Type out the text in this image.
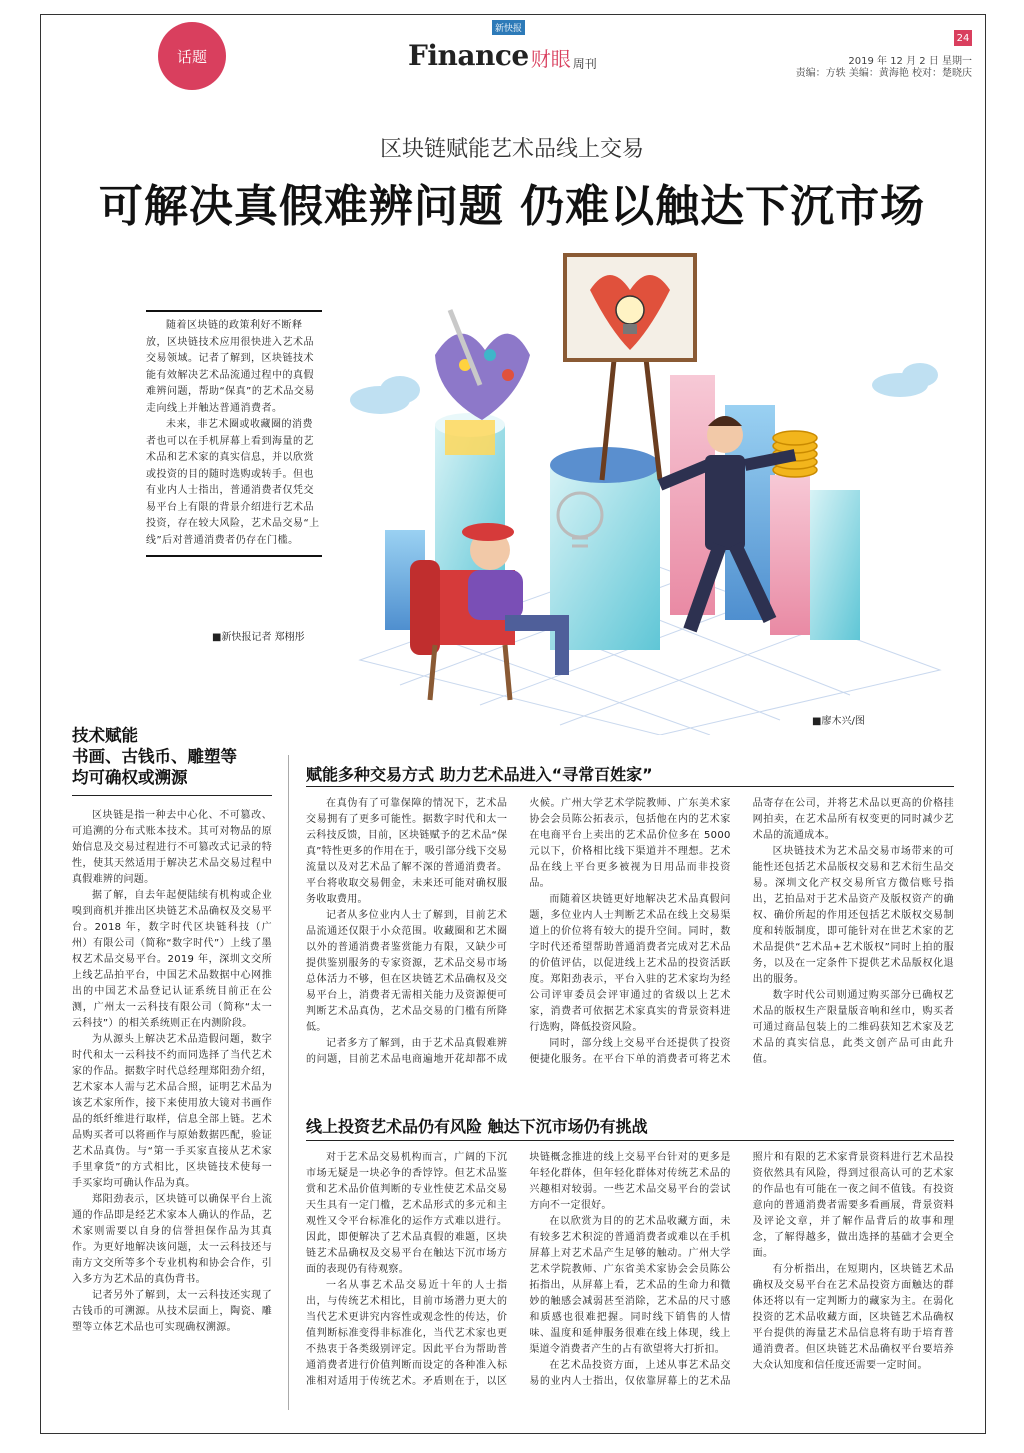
话题
新快报
Finance 财眼 周刊
24
2019 年 12 月 2 日 星期一
责编：方轶 美编：黄海艳 校对：楚晓庆
区块链赋能艺术品线上交易
可解决真假难辨问题 仍难以触达下沉市场

随着区块链的政策利好不断释放，区块链技术应用很快进入艺术品交易领域。记者了解到，区块链技术能有效解决艺术品流通过程中的真假难辨问题，帮助“保真”的艺术品交易走向线上并触达普通消费者。

未来，非艺术圈或收藏圈的消费者也可以在手机屏幕上看到海量的艺术品和艺术家的真实信息，并以欣赏或投资的目的随时选购或转手。但也有业内人士指出，普通消费者仅凭交易平台上有限的背景介绍进行艺术品投资，存在较大风险，艺术品交易“上线”后对普通消费者仍存在门槛。

■新快报记者 郑栩彤
■廖木兴/图
技术赋能
书画、古钱币、雕塑等
均可确权或溯源

区块链是指一种去中心化、不可篡改、可追溯的分布式账本技术。其可对物品的原始信息及交易过程进行不可篡改式记录的特性，使其天然适用于解决艺术品交易过程中真假难辨的问题。

据了解，自去年起便陆续有机构或企业嗅到商机并推出区块链艺术品确权及交易平台。2018 年，数字时代区块链科技（广州）有限公司（简称“数字时代”）上线了墨权艺术品交易平台。2019 年，深圳文交所上线艺品拍平台，中国艺术品数据中心网推出的中国艺术品登记认证系统目前正在公测，广州太一云科技有限公司（简称“太一云科技”）的相关系统则正在内测阶段。

为从源头上解决艺术品造假问题，数字时代和太一云科技不约而同选择了当代艺术家的作品。据数字时代总经理郑阳劲介绍，艺术家本人需与艺术品合照，证明艺术品为该艺术家所作，接下来使用放大镜对书画作品的纸纤维进行取样，信息全部上链。艺术品购买者可以将画作与原始数据匹配，验证艺术品真伪。与“第一手买家直接从艺术家手里拿货”的方式相比，区块链技术使每一手买家均可确认作品为真。

郑阳劲表示，区块链可以确保平台上流通的作品即是经艺术家本人确认的作品，艺术家则需要以自身的信誉担保作品为其真作。为更好地解决该问题，太一云科技还与南方文交所等多个专业机构和协会合作，引入多方为艺术品的真伪背书。

记者另外了解到，太一云科技还实现了古钱币的可溯源。从技术层面上，陶瓷、雕塑等立体艺术品也可实现确权溯源。

赋能多种交易方式 助力艺术品进入“寻常百姓家”

在真伪有了可靠保障的情况下，艺术品交易拥有了更多可能性。据数字时代和太一云科技反馈，目前，区块链赋予的艺术品“保真”特性更多的作用在于，吸引部分线下交易流量以及对艺术品了解不深的普通消费者。平台将收取交易佣金，未来还可能对确权服务收取费用。

记者从多位业内人士了解到，目前艺术品流通还仅限于小众范围。收藏圈和艺术圈以外的普通消费者鉴赏能力有限，又缺少可提供鉴别服务的专家资源，艺术品交易市场总体活力不够，但在区块链艺术品确权及交易平台上，消费者无需相关能力及资源便可判断艺术品真伪，艺术品交易的门槛有所降低。

记者多方了解到，由于艺术品真假难辨的问题，目前艺术品电商遍地开花却都不成火候。广州大学艺术学院教师、广东美术家协会会员陈公拓表示，包括他在内的艺术家在电商平台上卖出的艺术品价位多在 5000 元以下，价格相比线下渠道并不理想。艺术品在线上平台更多被视为日用品而非投资品。

而随着区块链更好地解决艺术品真假问题，多位业内人士判断艺术品在线上交易渠道上的价位将有较大的提升空间。同时，数字时代还希望帮助普通消费者完成对艺术品的价值评估，以促进线上艺术品的投资活跃度。郑阳劲表示，平台入驻的艺术家均为经公司评审委员会评审通过的省级以上艺术家，消费者可依据艺术家真实的背景资料进行选购，降低投资风险。

同时，部分线上交易平台还提供了投资便捷化服务。在平台下单的消费者可将艺术品寄存在公司，并将艺术品以更高的价格挂网拍卖，在艺术品所有权变更的同时减少艺术品的流通成本。

区块链技术为艺术品交易市场带来的可能性还包括艺术品版权交易和艺术衍生品交易。深圳文化产权交易所官方微信账号指出，艺拍品对于艺术品资产及版权资产的确权、确价所起的作用还包括艺术版权交易制度和转版制度，即可能针对在世艺术家的艺术品提供“艺术品+艺术版权”同时上拍的服务，以及在一定条件下提供艺术品版权化退出的服务。

数字时代公司则通过购买部分已确权艺术品的版权生产限量版音响和丝巾，购买者可通过商品包装上的二维码获知艺术家及艺术品的真实信息，此类文创产品可由此升值。

线上投资艺术品仍有风险 触达下沉市场仍有挑战

对于艺术品交易机构而言，广阔的下沉市场无疑是一块必争的香饽饽。但艺术品鉴赏和艺术品价值判断的专业性使艺术品交易天生具有一定门槛，艺术品形式的多元和主观性又令平台标准化的运作方式难以进行。因此，即便解决了艺术品真假的难题，区块链艺术品确权及交易平台在触达下沉市场方面的表现仍有待观察。

一名从事艺术品交易近十年的人士指出，与传统艺术相比，目前市场潜力更大的当代艺术更讲究内容性或观念性的传达，价值判断标准变得非标准化，当代艺术家也更不热衷于各类级别评定。因此平台为帮助普通消费者进行价值判断而设定的各种准入标准相对适用于传统艺术。矛盾则在于，以区块链概念推进的线上交易平台针对的更多是年轻化群体，但年轻化群体对传统艺术品的兴趣相对较弱。一些艺术品交易平台的尝试方向不一定很好。

在以欣赏为目的的艺术品收藏方面，未有较多艺术积淀的普通消费者或难以在手机屏幕上对艺术品产生足够的触动。广州大学艺术学院教师、广东省美术家协会会员陈公拓指出，从屏幕上看，艺术品的生命力和微妙的触感会减弱甚至消除，艺术品的尺寸感和质感也很难把握。同时线下销售的人情味、温度和延伸服务很难在线上体现，线上渠道令消费者产生的占有欲望将大打折扣。

在艺术品投资方面，上述从事艺术品交易的业内人士指出，仅依靠屏幕上的艺术品照片和有限的艺术家背景资料进行艺术品投资依然具有风险，得到过很高认可的艺术家的作品也有可能在一夜之间不值钱。有投资意向的普通消费者需要多看画展，背景资料及评论文章，并了解作品背后的故事和理念，了解得越多，做出选择的基础才会更全面。

有分析指出，在短期内，区块链艺术品确权及交易平台在艺术品投资方面触达的群体还将以有一定判断力的藏家为主。在弱化投资的艺术品收藏方面，区块链艺术品确权平台提供的海量艺术品信息将有助于培育普通消费者。但区块链艺术品确权平台要培养大众认知度和信任度还需要一定时间。
